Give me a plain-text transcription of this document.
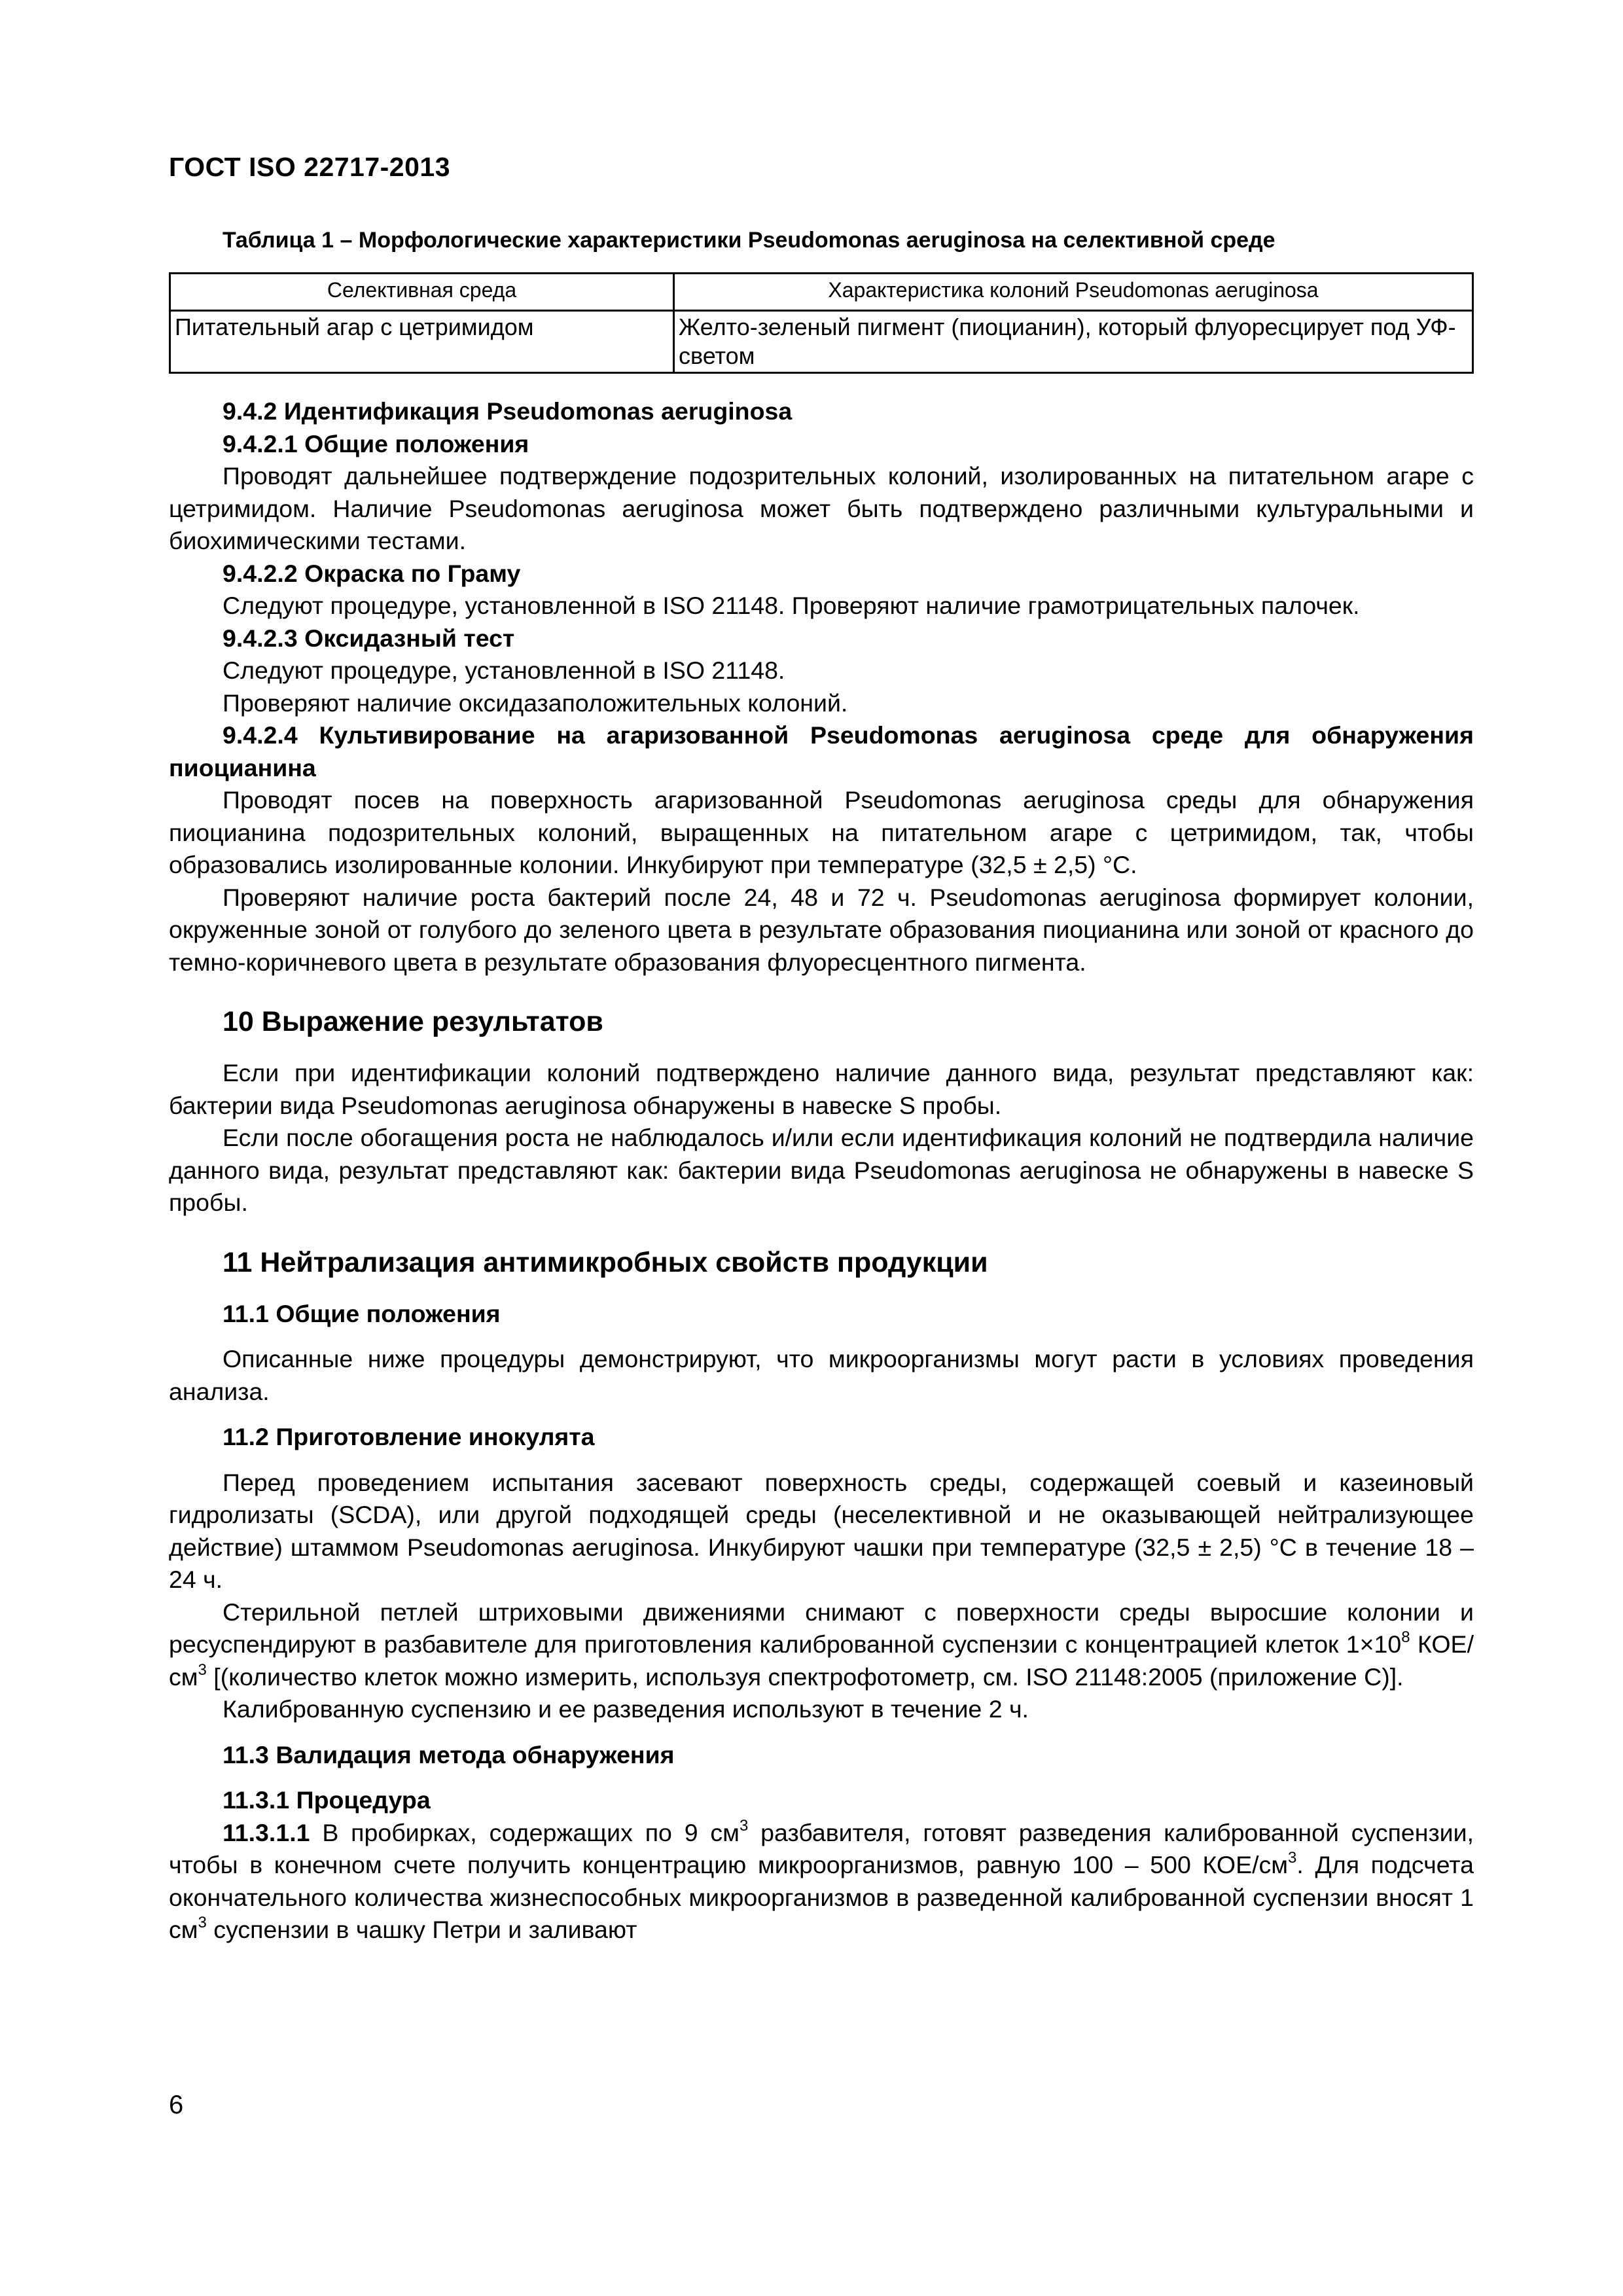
ГОСТ ISO 22717-2013
Таблица 1 – Морфологические характеристики Pseudomonas aeruginosa на селективной среде
Селективная среда	Характеристика колоний Pseudomonas aeruginosa
Питательный агар с цетримидом	Желто-зеленый пигмент (пиоцианин), который флуоресцирует под УФ-светом

9.4.2 Идентификация Pseudomonas aeruginosa

9.4.2.1 Общие положения

Проводят дальнейшее подтверждение подозрительных колоний, изолированных на питательном агаре с цетримидом. Наличие Pseudomonas aeruginosa может быть подтверждено различными культуральными и биохимическими тестами.

9.4.2.2 Окраска по Граму

Следуют процедуре, установленной в ISO 21148. Проверяют наличие грамотрицательных палочек.

9.4.2.3 Оксидазный тест

Следуют процедуре, установленной в ISO 21148.

Проверяют наличие оксидазаположительных колоний.

9.4.2.4 Культивирование на агаризованной Pseudomonas aeruginosa среде для обнаружения пиоцианина

Проводят посев на поверхность агаризованной Pseudomonas aeruginosa среды для обнаружения пиоцианина подозрительных колоний, выращенных на питательном агаре с цетримидом, так, чтобы образовались изолированные колонии. Инкубируют при температуре (32,5 ± 2,5) °С.

Проверяют наличие роста бактерий после 24, 48 и 72 ч. Pseudomonas aeruginosa формирует колонии, окруженные зоной от голубого до зеленого цвета в результате образования пиоцианина или зоной от красного до темно-коричневого цвета в результате образования флуоресцентного пигмента.

10 Выражение результатов

Если при идентификации колоний подтверждено наличие данного вида, результат представляют как: бактерии вида Pseudomonas aeruginosa обнаружены в навеске S пробы.

Если после обогащения роста не наблюдалось и/или если идентификация колоний не подтвердила наличие данного вида, результат представляют как: бактерии вида Pseudomonas aeruginosa не обнаружены в навеске S пробы.

11 Нейтрализация антимикробных свойств продукции

11.1 Общие положения

Описанные ниже процедуры демонстрируют, что микроорганизмы могут расти в условиях проведения анализа.

11.2 Приготовление инокулята

Перед проведением испытания засевают поверхность среды, содержащей соевый и казеиновый гидролизаты (SCDA), или другой подходящей среды (неселективной и не оказывающей нейтрализующее действие) штаммом Pseudomonas aeruginosa. Инкубируют чашки при температуре (32,5 ± 2,5) °С в течение 18 – 24 ч.

Стерильной петлей штриховыми движениями снимают с поверхности среды выросшие колонии и ресуспендируют в разбавителе для приготовления калиброванной суспензии с концентрацией клеток $1\times 10^8$ КОЕ/$см^3$ [(количество клеток можно измерить, используя спектрофотометр, см. ISO 21148:2005 (приложение С)].

Калиброванную суспензию и ее разведения используют в течение 2 ч.

11.3 Валидация метода обнаружения

11.3.1 Процедура

11.3.1.1 В пробирках, содержащих по 9 $см^3$ разбавителя, готовят разведения калиброванной суспензии, чтобы в конечном счете получить концентрацию микроорганизмов, равную 100 – 500 КОЕ/$см^3$. Для подсчета окончательного количества жизнеспособных микроорганизмов в разведенной калиброванной суспензии вносят 1 $см^3$ суспензии в чашку Петри и заливают

6
